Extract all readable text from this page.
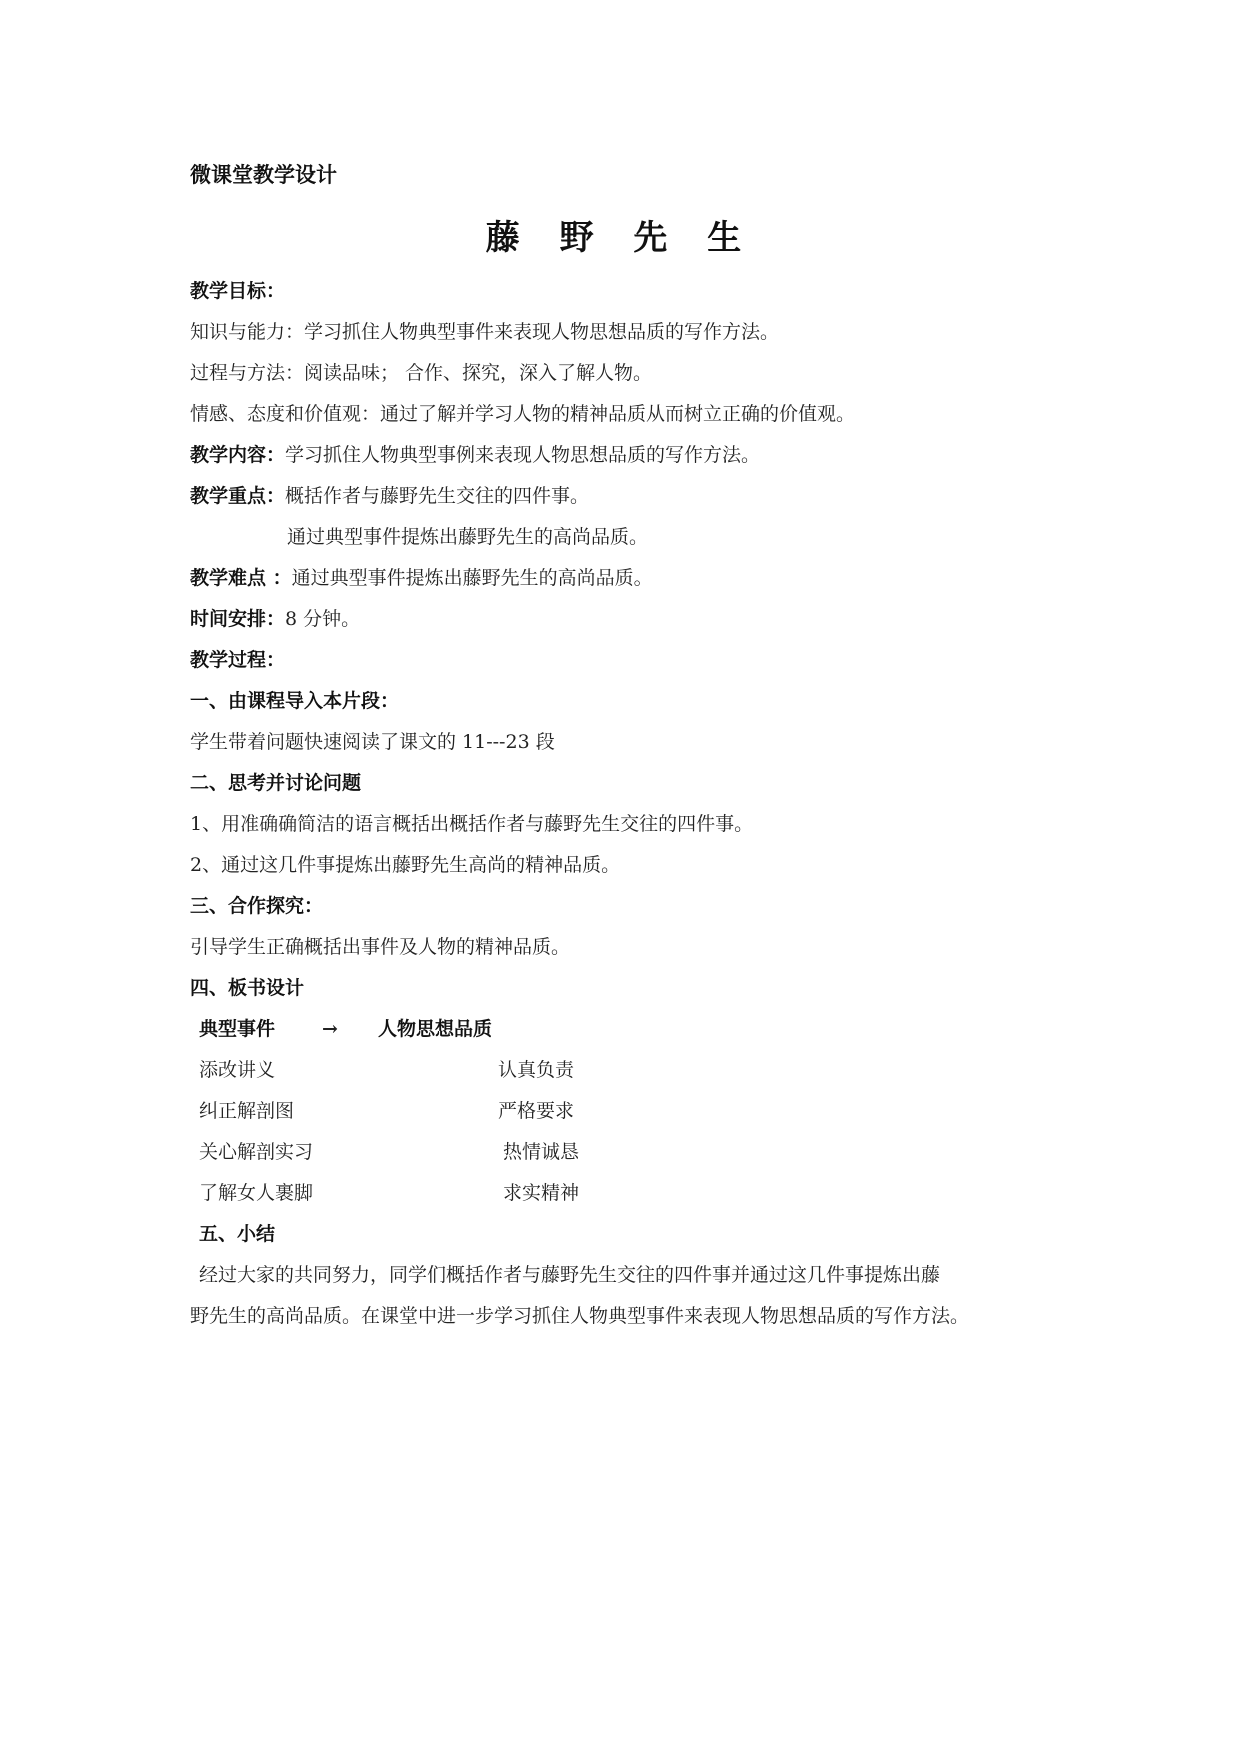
微课堂教学设计
藤 野 先 生
教学目标：
知识与能力：学习抓住人物典型事件来表现人物思想品质的写作方法。
过程与方法：阅读品味； 合作、探究，深入了解人物。
情感、态度和价值观：通过了解并学习人物的精神品质从而树立正确的价值观。
教学内容：学习抓住人物典型事例来表现人物思想品质的写作方法。
教学重点：概括作者与藤野先生交往的四件事。
通过典型事件提炼出藤野先生的高尚品质。
教学难点 ：通过典型事件提炼出藤野先生的高尚品质。
时间安排：8 分钟。
教学过程：
一、由课程导入本片段：
学生带着问题快速阅读了课文的 11---23 段
二、思考并讨论问题
1、用准确确简洁的语言概括出概括作者与藤野先生交往的四件事。
2、通过这几件事提炼出藤野先生高尚的精神品质。
三、合作探究：
引导学生正确概括出事件及人物的精神品质。
四、板书设计
典型事件 → 人物思想品质
添改讲义	认真负责
纠正解剖图	严格要求
关心解剖实习	热情诚恳
了解女人裹脚	求实精神
五、小结
经过大家的共同努力，同学们概括作者与藤野先生交往的四件事并通过这几件事提炼出藤
野先生的高尚品质。在课堂中进一步学习抓住人物典型事件来表现人物思想品质的写作方法。
